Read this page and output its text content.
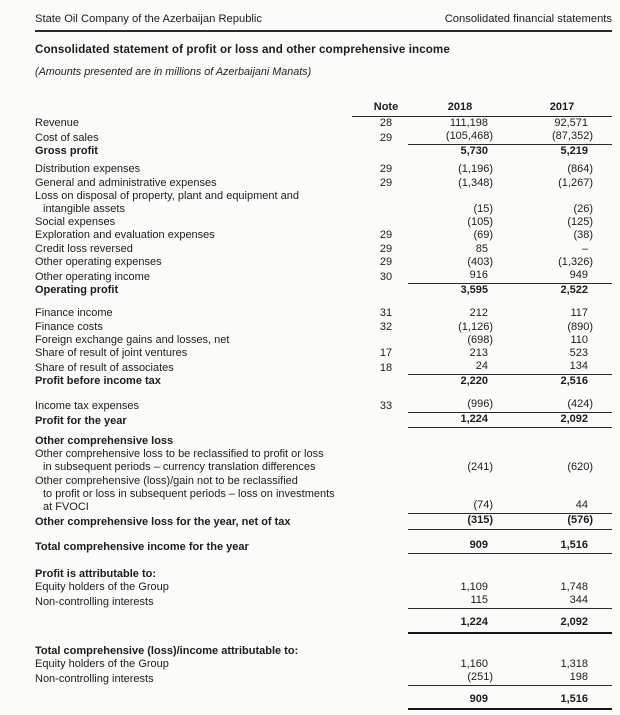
State Oil Company of the Azerbaijan Republic	Consolidated financial statements
Consolidated statement of profit or loss and other comprehensive income
(Amounts presented are in millions of Azerbaijani Manats)
Note	2018	2017
Revenue	28	111,198	92,571
Cost of sales	29	(105,468)	(87,352)
Gross profit	5,730	5,219
Distribution expenses	29	(1,196)	(864)
General and administrative expenses	29	(1,348)	(1,267)
Loss on disposal of property, plant and equipment and
intangible assets	(15)	(26)
Social expenses	(105)	(125)
Exploration and evaluation expenses	29	(69)	(38)
Credit loss reversed	29	85	–
Other operating expenses	29	(403)	(1,326)
Other operating income	30	916	949
Operating profit	3,595	2,522
Finance income	31	212	117
Finance costs	32	(1,126)	(890)
Foreign exchange gains and losses, net	(698)	110
Share of result of joint ventures	17	213	523
Share of result of associates	18	24	134
Profit before income tax	2,220	2,516
Income tax expenses	33	(996)	(424)
Profit for the year	1,224	2,092
Other comprehensive loss
Other comprehensive loss to be reclassified to profit or loss
in subsequent periods – currency translation differences	(241)	(620)
Other comprehensive (loss)/gain not to be reclassified
to profit or loss in subsequent periods – loss on investments
at FVOCI	(74)	44
Other comprehensive loss for the year, net of tax	(315)	(576)
Total comprehensive income for the year	909	1,516
Profit is attributable to:
Equity holders of the Group	1,109	1,748
Non-controlling interests	115	344
1,224	2,092
Total comprehensive (loss)/income attributable to:
Equity holders of the Group	1,160	1,318
Non-controlling interests	(251)	198
909	1,516
